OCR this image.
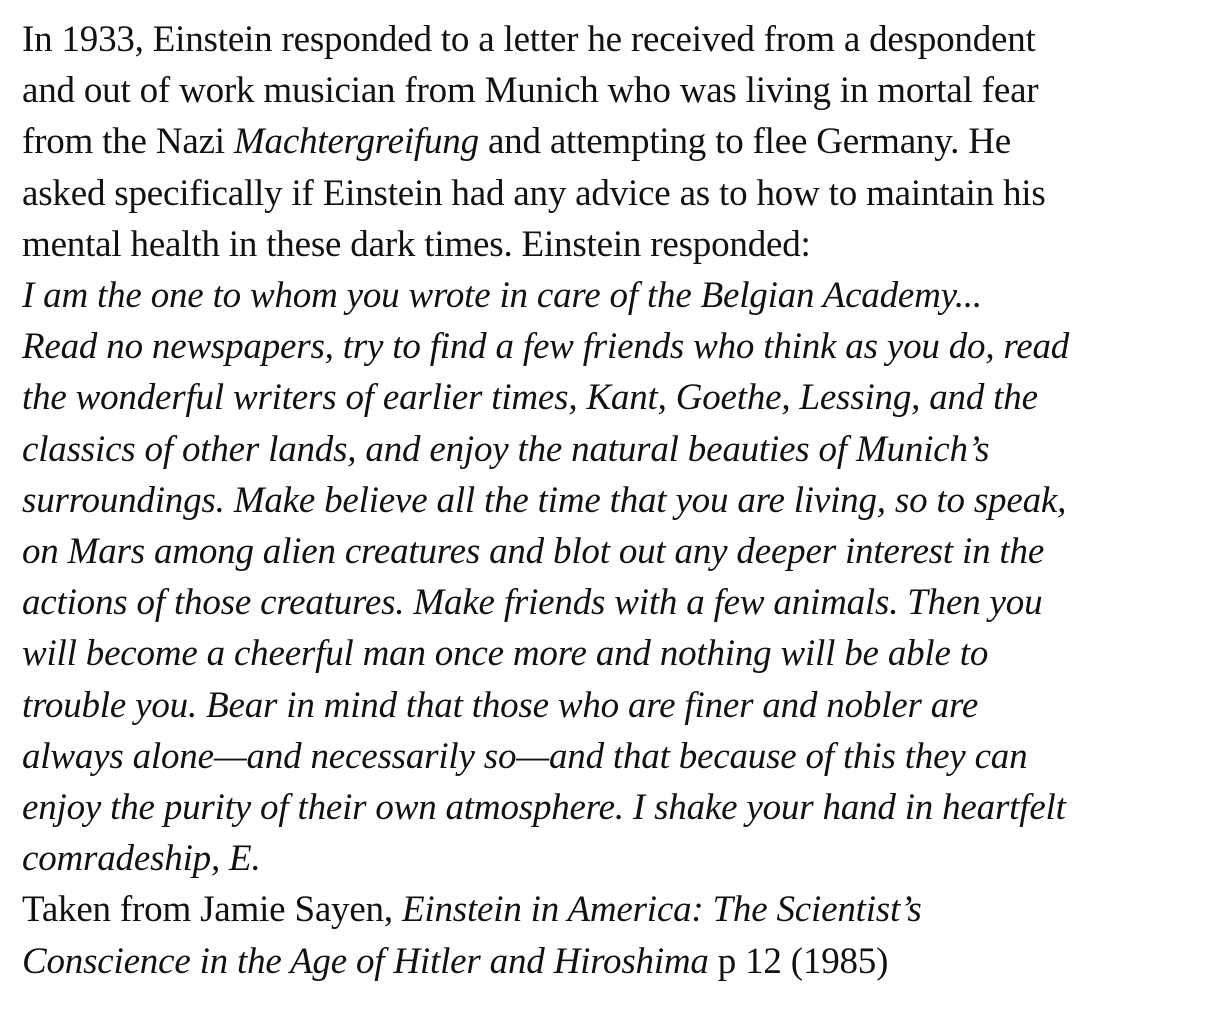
In 1933, Einstein responded to a letter he received from a despondent
and out of work musician from Munich who was living in mortal fear
from the Nazi Machtergreifung and attempting to flee Germany. He
asked specifically if Einstein had any advice as to how to maintain his
mental health in these dark times. Einstein responded:
I am the one to whom you wrote in care of the Belgian Academy...
Read no newspapers, try to find a few friends who think as you do, read
the wonderful writers of earlier times, Kant, Goethe, Lessing, and the
classics of other lands, and enjoy the natural beauties of Munich’s
surroundings. Make believe all the time that you are living, so to speak,
on Mars among alien creatures and blot out any deeper interest in the
actions of those creatures. Make friends with a few animals. Then you
will become a cheerful man once more and nothing will be able to
trouble you. Bear in mind that those who are finer and nobler are
always alone—and necessarily so—and that because of this they can
enjoy the purity of their own atmosphere. I shake your hand in heartfelt
comradeship, E.
Taken from Jamie Sayen, Einstein in America: The Scientist’s
Conscience in the Age of Hitler and Hiroshima p 12 (1985)
